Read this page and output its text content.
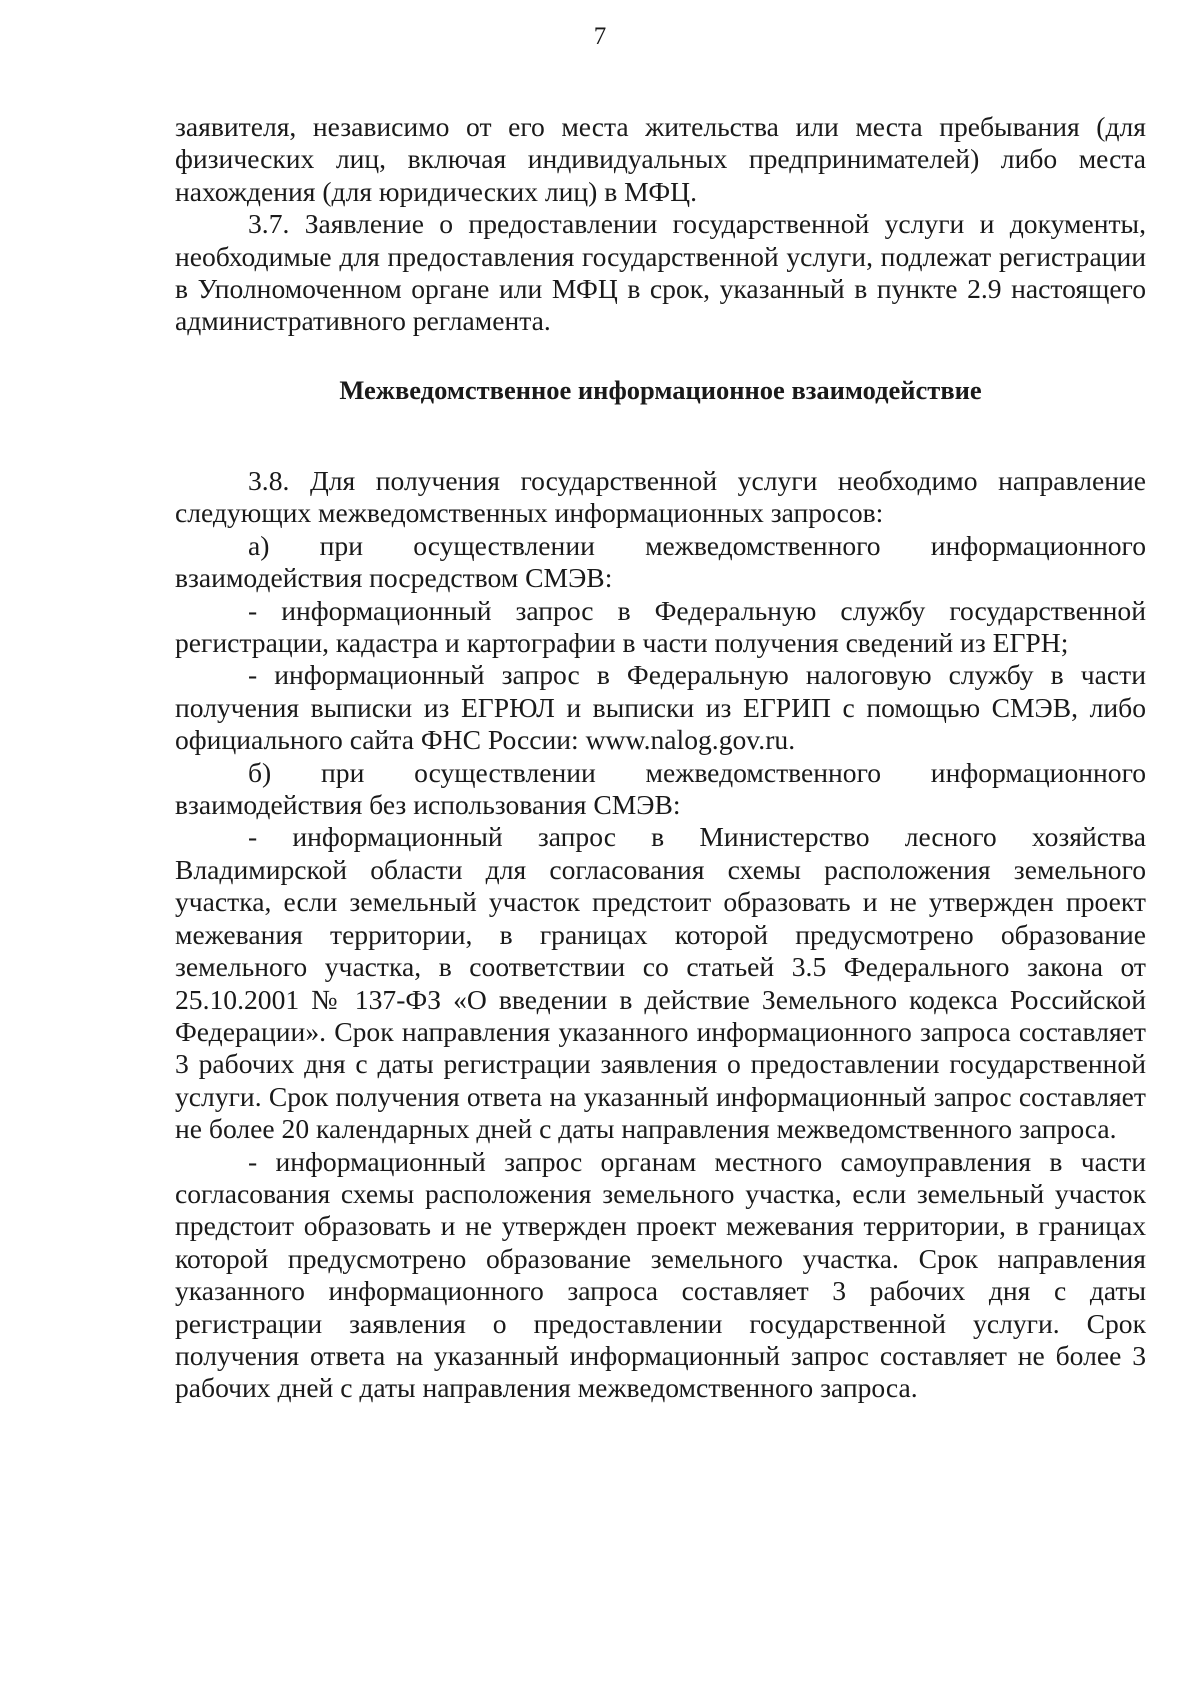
7

заявителя, независимо от его места жительства или места пребывания (для физических лиц, включая индивидуальных предпринимателей) либо места нахождения (для юридических лиц) в МФЦ.

3.7. Заявление о предоставлении государственной услуги и документы, необходимые для предоставления государственной услуги, подлежат регистрации в Уполномоченном органе или МФЦ в срок, указанный в пункте 2.9 настоящего административного регламента.

Межведомственное информационное взаимодействие

3.8. Для получения государственной услуги необходимо направление следующих межведомственных информационных запросов:

а) при осуществлении межведомственного информационного взаимодействия посредством СМЭВ:

- информационный запрос в Федеральную службу государственной регистрации, кадастра и картографии в части получения сведений из ЕГРН;

- информационный запрос в Федеральную налоговую службу в части получения выписки из ЕГРЮЛ и выписки из ЕГРИП с помощью СМЭВ, либо официального сайта ФНС России: www.nalog.gov.ru.

б) при осуществлении межведомственного информационного взаимодействия без использования СМЭВ:

- информационный запрос в Министерство лесного хозяйства Владимирской области для согласования схемы расположения земельного участка, если земельный участок предстоит образовать и не утвержден проект межевания территории, в границах которой предусмотрено образование земельного участка, в соответствии со статьей 3.5 Федерального закона от 25.10.2001 № 137-ФЗ «О введении в действие Земельного кодекса Российской Федерации». Срок направления указанного информационного запроса составляет 3 рабочих дня с даты регистрации заявления о предоставлении государственной услуги. Срок получения ответа на указанный информационный запрос составляет не более 20 календарных дней с даты направления межведомственного запроса.

- информационный запрос органам местного самоуправления в части согласования схемы расположения земельного участка, если земельный участок предстоит образовать и не утвержден проект межевания территории, в границах которой предусмотрено образование земельного участка. Срок направления указанного информационного запроса составляет 3 рабочих дня с даты регистрации заявления о предоставлении государственной услуги. Срок получения ответа на указанный информационный запрос составляет не более 3 рабочих дней с даты направления межведомственного запроса.
